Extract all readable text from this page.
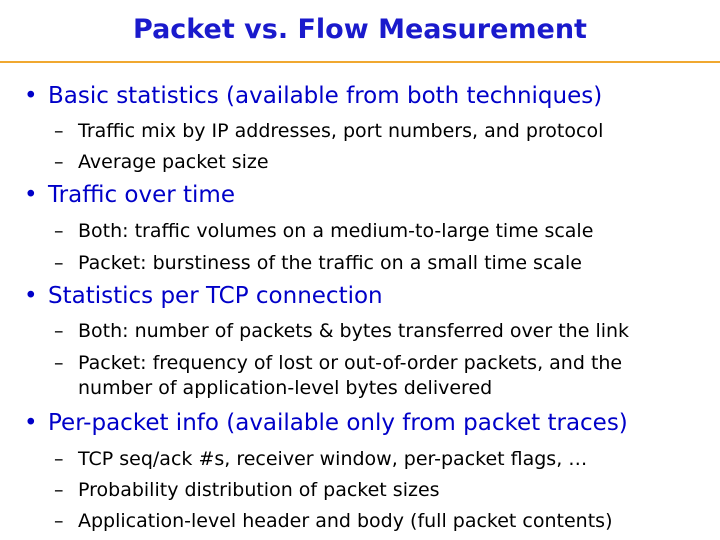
Packet vs. Flow Measurement
• Basic statistics (available from both techniques)
– Traffic mix by IP addresses, port numbers, and protocol
– Average packet size
• Traffic over time
– Both: traffic volumes on a medium-to-large time scale
– Packet: burstiness of the traffic on a small time scale
• Statistics per TCP connection
– Both: number of packets & bytes transferred over the link
– Packet: frequency of lost or out-of-order packets, and the
number of application-level bytes delivered
• Per-packet info (available only from packet traces)
– TCP seq/ack #s, receiver window, per-packet flags, …
– Probability distribution of packet sizes
– Application-level header and body (full packet contents)
